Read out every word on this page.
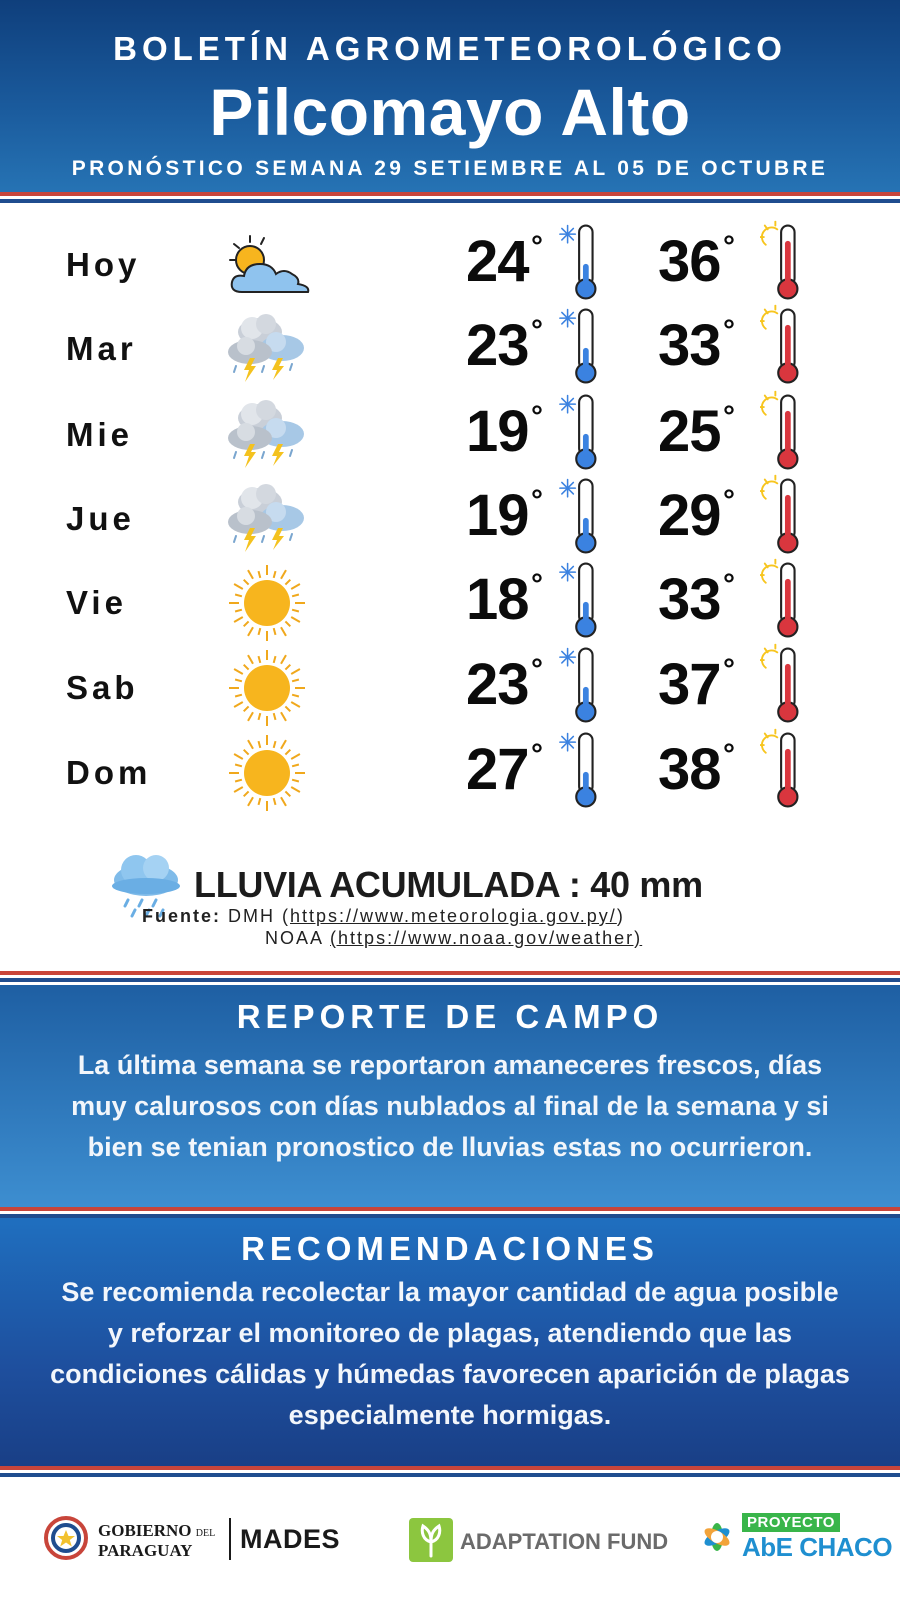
BOLETÍN AGROMETEOROLÓGICO
Pilcomayo Alto
PRONÓSTICO SEMANA 29 SETIEMBRE AL 05 DE OCTUBRE
Hoy	24 ° 36 °
Mar	23 ° 33 °
Mie	19 ° 25 °
Jue	19 ° 29 °
Vie	18 ° 33 °
Sab	23 ° 37 °
Dom	27 ° 38 °
LLUVIA ACUMULADA : 40 mm
Fuente: DMH (https://www.meteorologia.gov.py/)
NOAA (https://www.noaa.gov/weather)
REPORTE DE CAMPO
La última semana se reportaron amaneceres frescos, días
muy calurosos con días nublados al final de la semana y si
bien se tenian pronostico de lluvias estas no ocurrieron.
RECOMENDACIONES
Se recomienda recolectar la mayor cantidad de agua posible
y reforzar el monitoreo de plagas, atendiendo que las
condiciones cálidas y húmedas favorecen aparición de plagas
especialmente hormigas.
GOBIERNO DEL
PARAGUAY	MADES	ADAPTATION FUND
PROYECTO
AbE CHACO
